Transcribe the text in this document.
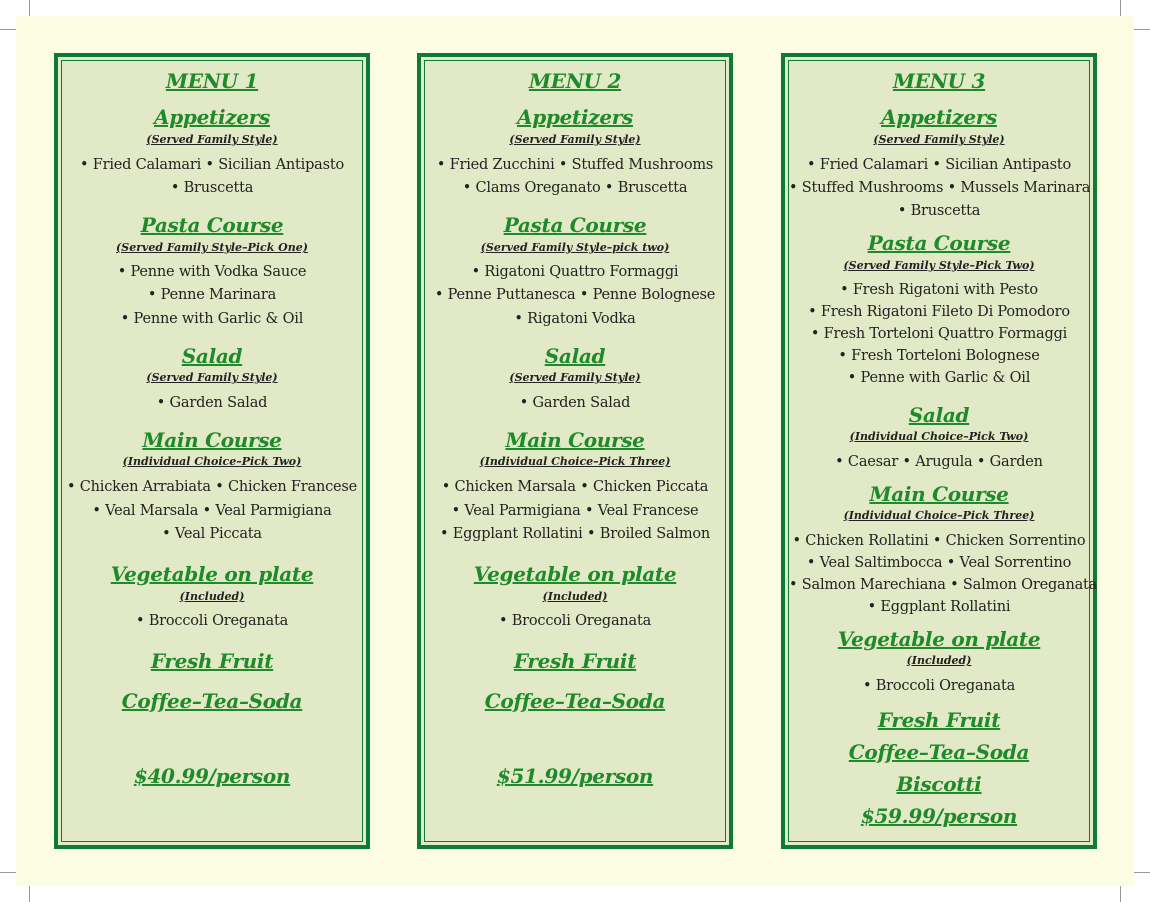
MENU 1
Appetizers
(Served Family Style)
• Fried Calamari • Sicilian Antipasto
• Bruscetta
Pasta Course
(Served Family Style–Pick One)
• Penne with Vodka Sauce
• Penne Marinara
• Penne with Garlic & Oil
Salad
(Served Family Style)
• Garden Salad
Main Course
(Individual Choice–Pick Two)
• Chicken Arrabiata • Chicken Francese
• Veal Marsala • Veal Parmigiana
• Veal Piccata
Vegetable on plate
(Included)
• Broccoli Oreganata
Fresh Fruit
Coffee–Tea–Soda
$40.99/person
MENU 2
Appetizers
(Served Family Style)
• Fried Zucchini • Stuffed Mushrooms
• Clams Oreganato • Bruscetta
Pasta Course
(Served Family Style–pick two)
• Rigatoni Quattro Formaggi
• Penne Puttanesca • Penne Bolognese
• Rigatoni Vodka
Salad
(Served Family Style)
• Garden Salad
Main Course
(Individual Choice–Pick Three)
• Chicken Marsala • Chicken Piccata
• Veal Parmigiana • Veal Francese
• Eggplant Rollatini • Broiled Salmon
Vegetable on plate
(Included)
• Broccoli Oreganata
Fresh Fruit
Coffee–Tea–Soda
$51.99/person
MENU 3
Appetizers
(Served Family Style)
• Fried Calamari • Sicilian Antipasto
• Stuffed Mushrooms • Mussels Marinara
• Bruscetta
Pasta Course
(Served Family Style–Pick Two)
• Fresh Rigatoni with Pesto
• Fresh Rigatoni Fileto Di Pomodoro
• Fresh Torteloni Quattro Formaggi
• Fresh Torteloni Bolognese
• Penne with Garlic & Oil
Salad
(Individual Choice–Pick Two)
• Caesar • Arugula • Garden
Main Course
(Individual Choice–Pick Three)
• Chicken Rollatini • Chicken Sorrentino
• Veal Saltimbocca • Veal Sorrentino
• Salmon Marechiana • Salmon Oreganata
• Eggplant Rollatini
Vegetable on plate
(Included)
• Broccoli Oreganata
Fresh Fruit
Coffee–Tea–Soda
Biscotti
$59.99/person
